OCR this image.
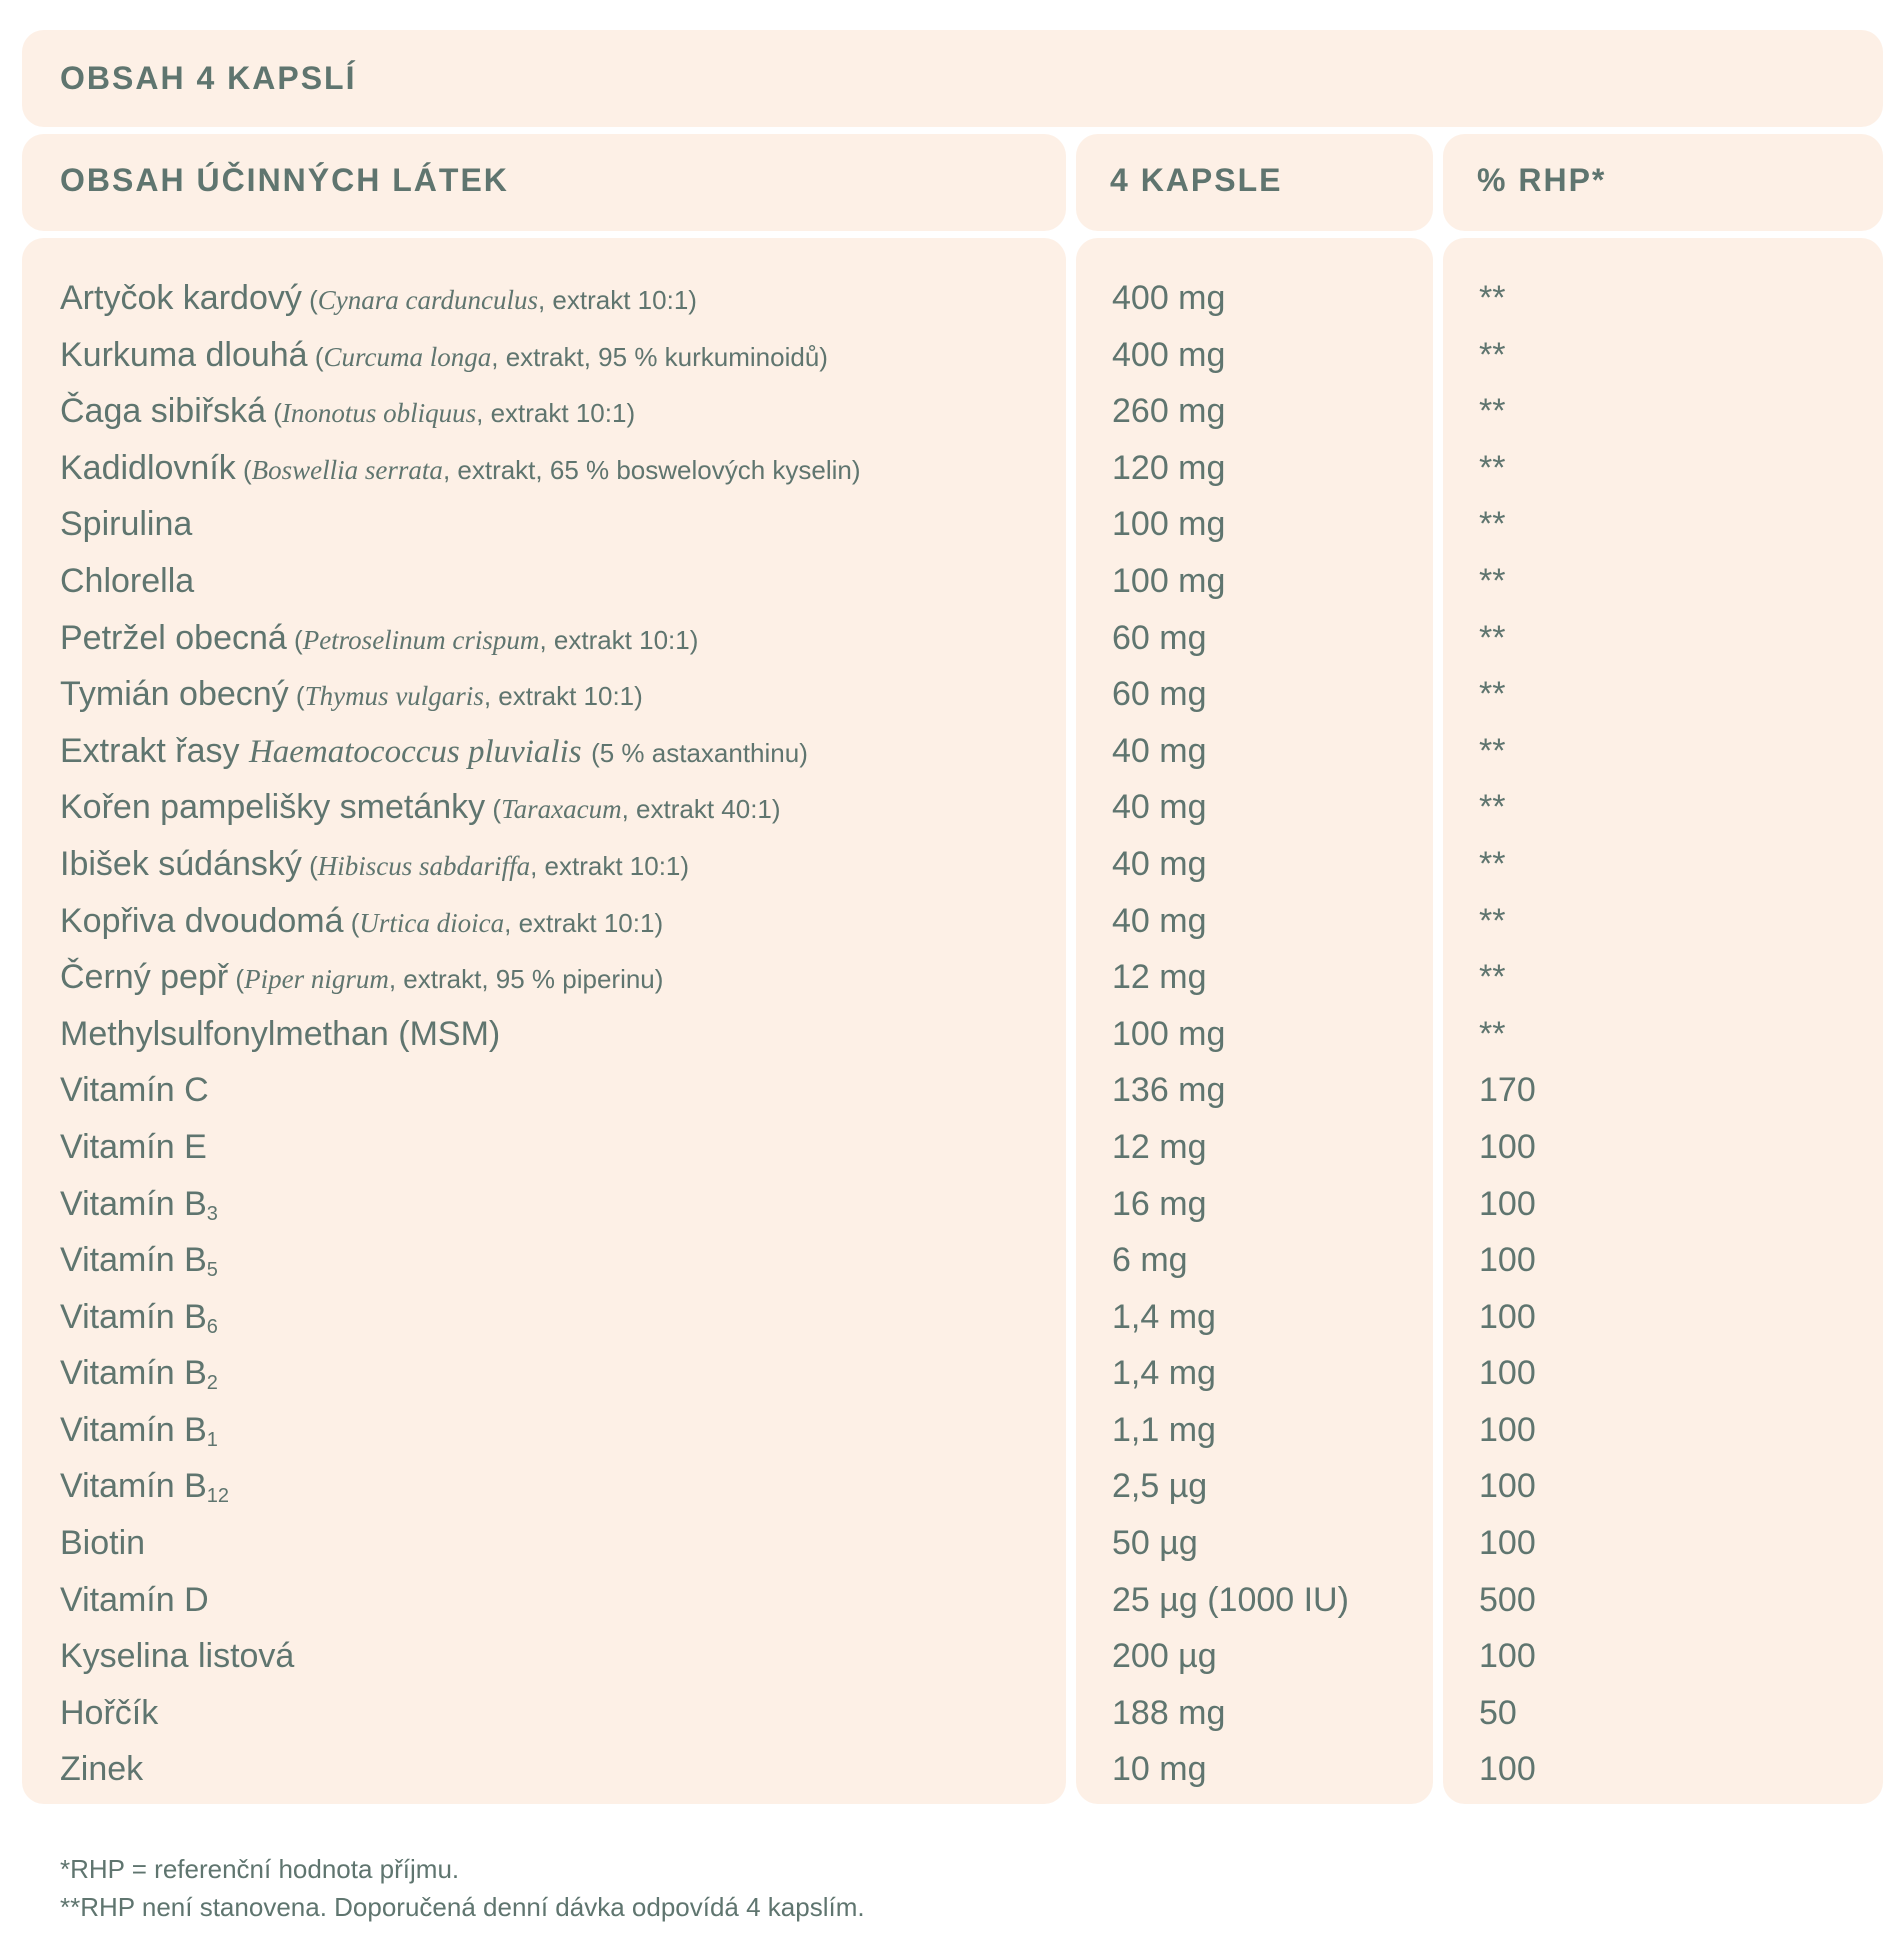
OBSAH 4 KAPSLÍ
OBSAH ÚČINNÝCH LÁTEK	4 KAPSLE	% RHP*
Artyčok kardový (Cynara cardunculus, extrakt 10:1)
Kurkuma dlouhá (Curcuma longa, extrakt, 95 % kurkuminoidů)
Čaga sibiřská (Inonotus obliquus, extrakt 10:1)
Kadidlovník (Boswellia serrata, extrakt, 65 % boswelových kyselin)
Spirulina
Chlorella
Petržel obecná (Petroselinum crispum, extrakt 10:1)
Tymián obecný (Thymus vulgaris, extrakt 10:1)
Extrakt řasy Haematococcus pluvialis (5 % astaxanthinu)
Kořen pampelišky smetánky (Taraxacum, extrakt 40:1)
Ibišek súdánský (Hibiscus sabdariffa, extrakt 10:1)
Kopřiva dvoudomá (Urtica dioica, extrakt 10:1)
Černý pepř (Piper nigrum, extrakt, 95 % piperinu)
Methylsulfonylmethan (MSM)
Vitamín C
Vitamín E
Vitamín $B_3$
Vitamín $B_5$
Vitamín $B_6$
Vitamín $B_2$
Vitamín $B_1$
Vitamín $B_{12}$
Biotin
Vitamín D
Kyselina listová
Hořčík
Zinek
400 mg
400 mg
260 mg
120 mg
100 mg
100 mg
60 mg
60 mg
40 mg
40 mg
40 mg
40 mg
12 mg
100 mg
136 mg
12 mg
16 mg
6 mg
1,4 mg
1,4 mg
1,1 mg
2,5 µg
50 µg
25 µg (1000 IU)
200 µg
188 mg
10 mg
**
**
**
**
**
**
**
**
**
**
**
**
**
**
170
100
100
100
100
100
100
100
100
500
100
50
100
*RHP = referenční hodnota příjmu.
**RHP není stanovena. Doporučená denní dávka odpovídá 4 kapslím.
